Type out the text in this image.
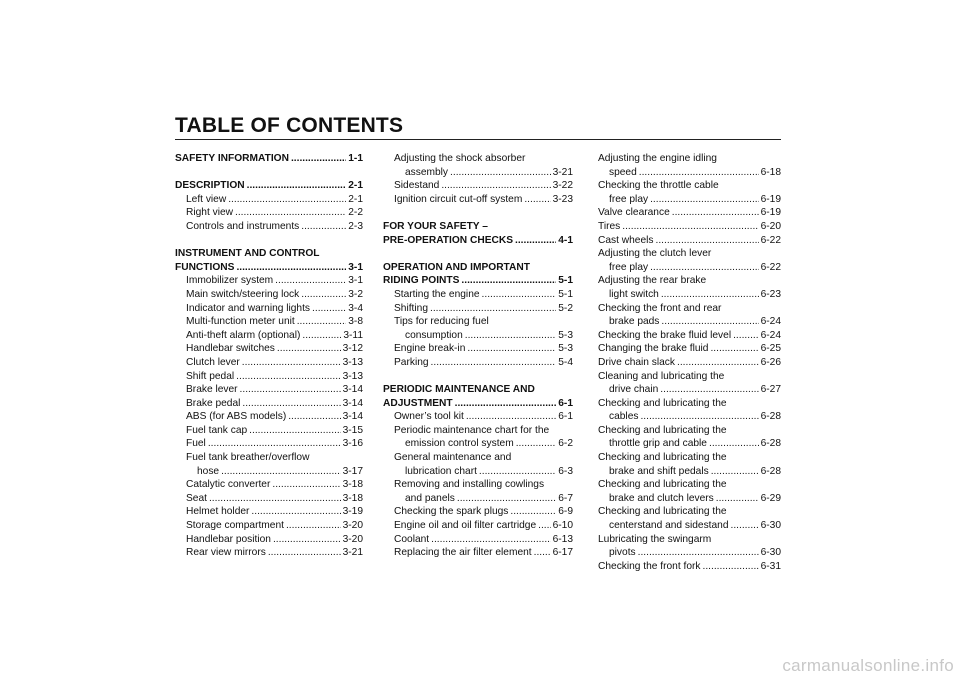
TABLE OF CONTENTS
SAFETY INFORMATION .....	1-1
DESCRIPTION .....	2-1
Left view .....	2-1
Right view .....	2-2
Controls and instruments .....	2-3
INSTRUMENT AND CONTROL
FUNCTIONS .....	3-1
Immobilizer system .....	3-1
Main switch/steering lock .....	3-2
Indicator and warning lights .....	3-4
Multi-function meter unit .....	3-8
Anti-theft alarm (optional) .....	3-11
Handlebar switches .....	3-12
Clutch lever .....	3-13
Shift pedal .....	3-13
Brake lever .....	3-14
Brake pedal .....	3-14
ABS (for ABS models) .....	3-14
Fuel tank cap .....	3-15
Fuel .....	3-16
Fuel tank breather/overflow
hose .....	3-17
Catalytic converter .....	3-18
Seat .....	3-18
Helmet holder .....	3-19
Storage compartment .....	3-20
Handlebar position .....	3-20
Rear view mirrors .....	3-21
Adjusting the shock absorber
assembly .....	3-21
Sidestand .....	3-22
Ignition circuit cut-off system .....	3-23
FOR YOUR SAFETY –
PRE-OPERATION CHECKS .....	4-1
OPERATION AND IMPORTANT
RIDING POINTS .....	5-1
Starting the engine .....	5-1
Shifting .....	5-2
Tips for reducing fuel
consumption .....	5-3
Engine break-in .....	5-3
Parking .....	5-4
PERIODIC MAINTENANCE AND
ADJUSTMENT .....	6-1
Owner’s tool kit .....	6-1
Periodic maintenance chart for the
emission control system .....	6-2
General maintenance and
lubrication chart .....	6-3
Removing and installing cowlings
and panels .....	6-7
Checking the spark plugs .....	6-9
Engine oil and oil filter cartridge ..... 6-10
Coolant .....	6-13
Replacing the air filter element ..... 6-17
Adjusting the engine idling
speed .....	6-18
Checking the throttle cable
free play .....	6-19
Valve clearance .....	6-19
Tires .....	6-20
Cast wheels .....	6-22
Adjusting the clutch lever
free play .....	6-22
Adjusting the rear brake
light switch .....	6-23
Checking the front and rear
brake pads .....	6-24
Checking the brake fluid level .....	6-24
Changing the brake fluid .....	6-25
Drive chain slack .....	6-26
Cleaning and lubricating the
drive chain .....	6-27
Checking and lubricating the
cables .....	6-28
Checking and lubricating the
throttle grip and cable .....	6-28
Checking and lubricating the
brake and shift pedals .....	6-28
Checking and lubricating the
brake and clutch levers .....	6-29
Checking and lubricating the
centerstand and sidestand .....	6-30
Lubricating the swingarm
pivots .....	6-30
Checking the front fork .....	6-31
carmanualsonline.info
